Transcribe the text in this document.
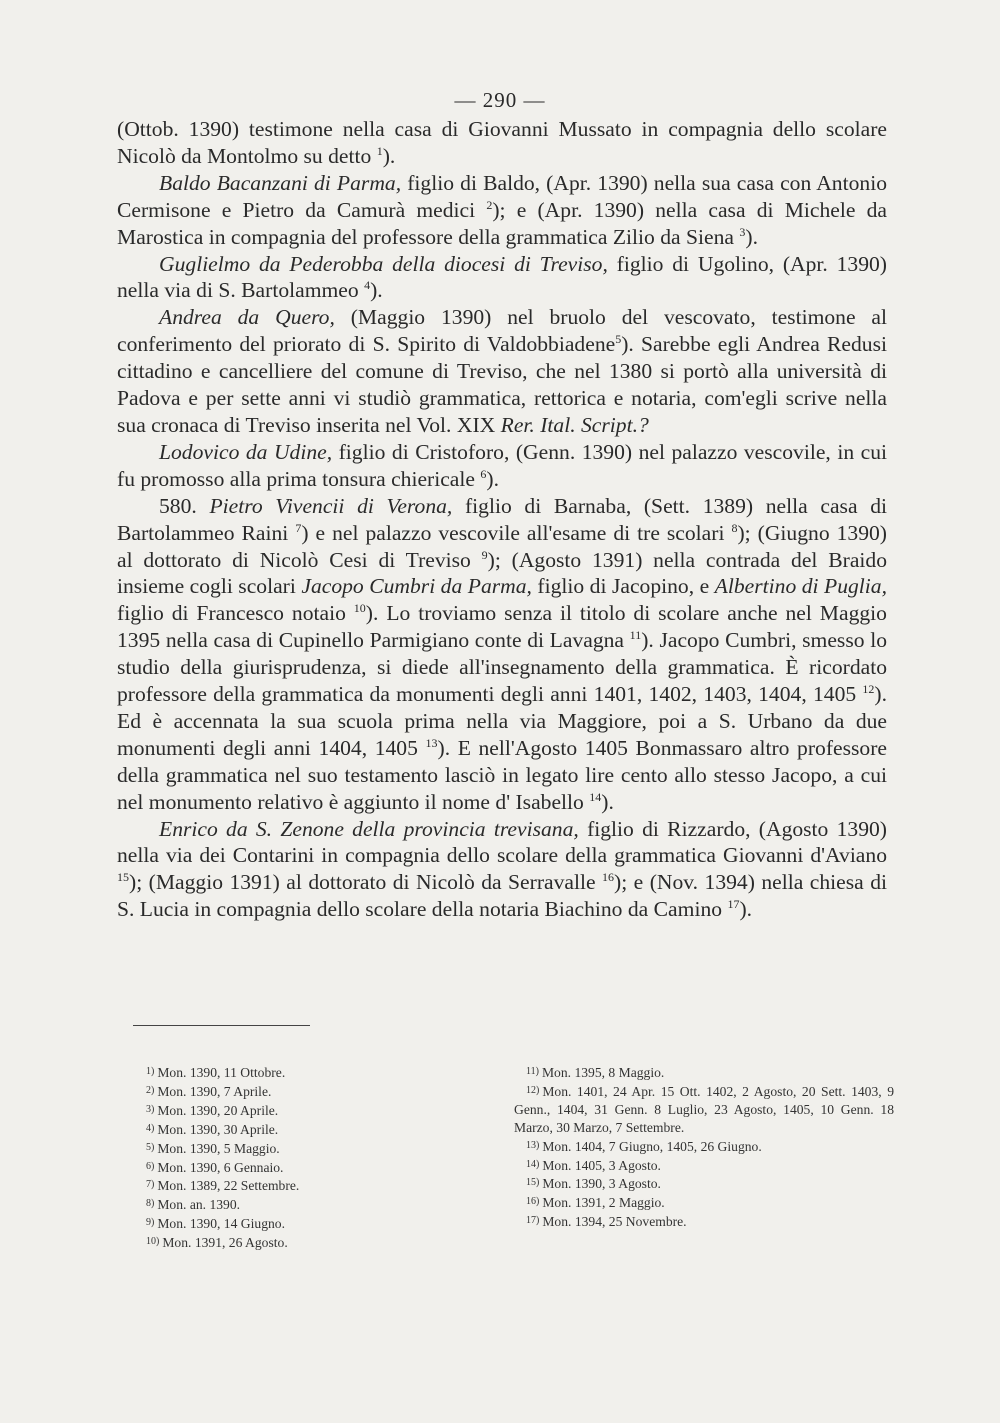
— 290 —

(Ottob. 1390) testimone nella casa di Giovanni Mussato in compagnia dello scolare Nicolò da Montolmo su detto $^1$).

Baldo Bacanzani di Parma, figlio di Baldo, (Apr. 1390) nella sua casa con Antonio Cermisone e Pietro da Camurà medici $^2$); e (Apr. 1390) nella casa di Michele da Marostica in compagnia del professore della grammatica Zilio da Siena $^3$).

Guglielmo da Pederobba della diocesi di Treviso, figlio di Ugolino, (Apr. 1390) nella via di S. Bartolammeo $^4$).

Andrea da Quero, (Maggio 1390) nel bruolo del vescovato, testimone al conferimento del priorato di S. Spirito di Valdobbiadene$^5$). Sarebbe egli Andrea Redusi cittadino e cancelliere del comune di Treviso, che nel 1380 si portò alla università di Padova e per sette anni vi studiò grammatica, rettorica e notaria, com'egli scrive nella sua cronaca di Treviso inserita nel Vol. XIX Rer. Ital. Script.?

Lodovico da Udine, figlio di Cristoforo, (Genn. 1390) nel palazzo vescovile, in cui fu promosso alla prima tonsura chiericale $^6$).

580. Pietro Vivencii di Verona, figlio di Barnaba, (Sett. 1389) nella casa di Bartolammeo Raini $^7$) e nel palazzo vescovile all'esame di tre scolari $^8$); (Giugno 1390) al dottorato di Nicolò Cesi di Treviso $^9$); (Agosto 1391) nella contrada del Braido insieme cogli scolari Jacopo Cumbri da Parma, figlio di Jacopino, e Albertino di Puglia, figlio di Francesco notaio $^{10}$). Lo troviamo senza il titolo di scolare anche nel Maggio 1395 nella casa di Cupinello Parmigiano conte di Lavagna $^{11}$). Jacopo Cumbri, smesso lo studio della giurisprudenza, si diede all'insegnamento della grammatica. È ricordato professore della grammatica da monumenti degli anni 1401, 1402, 1403, 1404, 1405 $^{12}$). Ed è accennata la sua scuola prima nella via Maggiore, poi a S. Urbano da due monumenti degli anni 1404, 1405 $^{13}$). E nell'Agosto 1405 Bonmassaro altro professore della grammatica nel suo testamento lasciò in legato lire cento allo stesso Jacopo, a cui nel monumento relativo è aggiunto il nome d' Isabello $^{14}$).

Enrico da S. Zenone della provincia trevisana, figlio di Rizzardo, (Agosto 1390) nella via dei Contarini in compagnia dello scolare della grammatica Giovanni d'Aviano $^{15}$); (Maggio 1391) al dottorato di Nicolò da Serravalle $^{16}$); e (Nov. 1394) nella chiesa di S. Lucia in compagnia dello scolare della notaria Biachino da Camino $^{17}$).

$^{1)}$ Mon. 1390, 11 Ottobre.

$^{2)}$ Mon. 1390, 7 Aprile.

$^{3)}$ Mon. 1390, 20 Aprile.

$^{4)}$ Mon. 1390, 30 Aprile.

$^{5)}$ Mon. 1390, 5 Maggio.

$^{6)}$ Mon. 1390, 6 Gennaio.

$^{7)}$ Mon. 1389, 22 Settembre.

$^{8)}$ Mon. an. 1390.

$^{9)}$ Mon. 1390, 14 Giugno.

$^{10)}$ Mon. 1391, 26 Agosto.

$^{11)}$ Mon. 1395, 8 Maggio.

$^{12)}$ Mon. 1401, 24 Apr. 15 Ott. 1402, 2 Agosto, 20 Sett. 1403, 9 Genn., 1404, 31 Genn. 8 Luglio, 23 Agosto, 1405, 10 Genn. 18 Marzo, 30 Marzo, 7 Settembre.

$^{13)}$ Mon. 1404, 7 Giugno, 1405, 26 Giugno.

$^{14)}$ Mon. 1405, 3 Agosto.

$^{15)}$ Mon. 1390, 3 Agosto.

$^{16)}$ Mon. 1391, 2 Maggio.

$^{17)}$ Mon. 1394, 25 Novembre.
